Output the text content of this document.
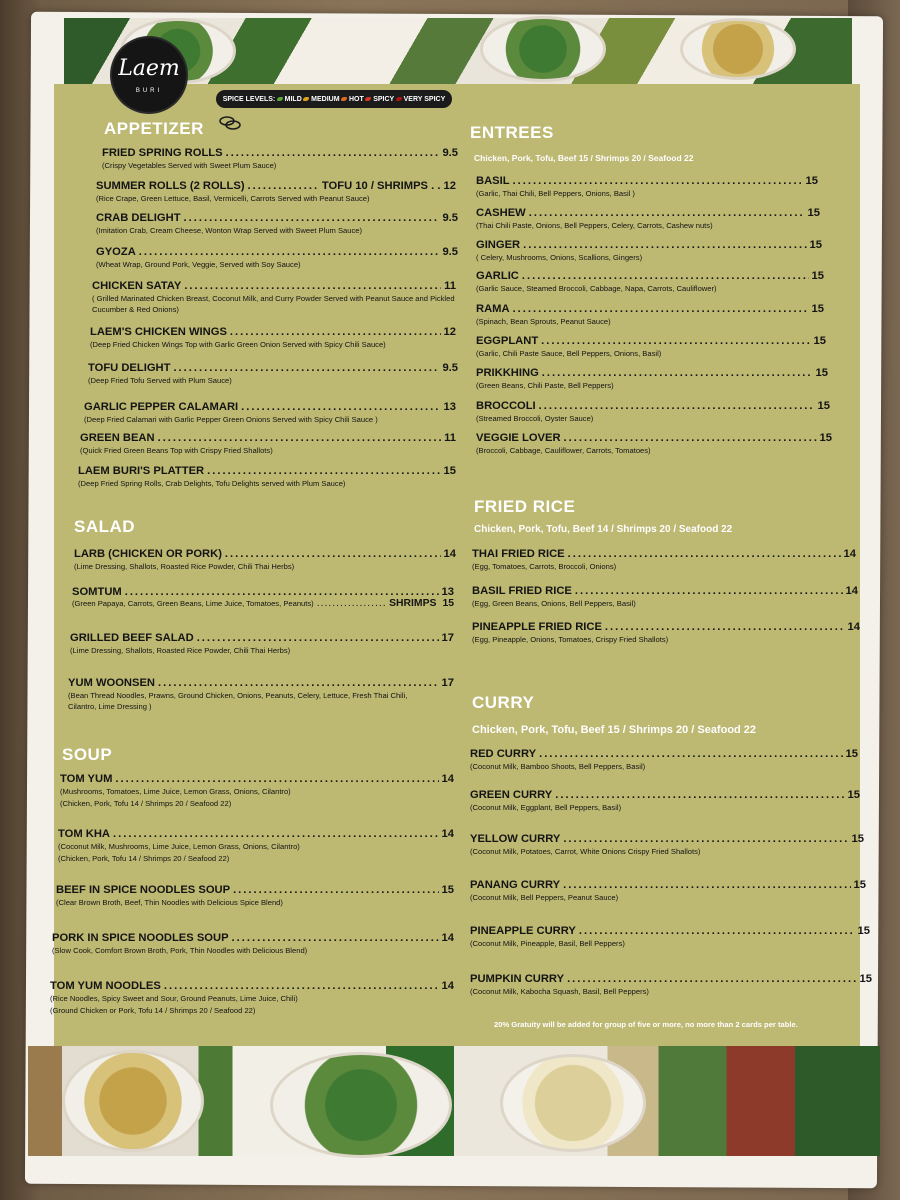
Laem
BURI
SPICE LEVELS: MILD MEDIUM HOT SPICY VERY SPICY
APPETIZER
FRIED SPRING ROLLS .....	9.5
(Crispy Vegetables Served with Sweet Plum Sauce)
SUMMER ROLLS (2 ROLLS) .....	TOFU 10 / SHRIMPS . . 12
(Rice Crape, Green Lettuce, Basil, Vermicelli, Carrots Served with Peanut Sauce)
CRAB DELIGHT .....	9.5
(Imitation Crab, Cream Cheese, Wonton Wrap Served with Sweet Plum Sauce)
GYOZA .....	9.5
(Wheat Wrap, Ground Pork, Veggie, Served with Soy Sauce)
CHICKEN SATAY .....	11
( Grilled Marinated Chicken Breast, Coconut Milk, and Curry Powder Served with Peanut Sauce and Pickled Cucumber & Red Onions)
LAEM'S CHICKEN WINGS .....	12
(Deep Fried Chicken Wings Top with Garlic Green Onion Served with Spicy Chili Sauce)
TOFU DELIGHT .....	9.5
(Deep Fried Tofu Served with Plum Sauce)
GARLIC PEPPER CALAMARI .....	13
(Deep Fried Calamari with Garlic Pepper Green Onions Served with Spicy Chili Sauce )
GREEN BEAN .....	11
(Quick Fried Green Beans Top with Crispy Fried Shallots)
LAEM BURI'S PLATTER .....	15
(Deep Fried Spring Rolls, Crab Delights, Tofu Delights served with Plum Sauce)
SALAD
LARB (CHICKEN OR PORK) .....	14
(Lime Dressing, Shallots, Roasted Rice Powder, Chili Thai Herbs)
SOMTUM .....	13
(Green Papaya, Carrots, Green Beans, Lime Juice, Tomatoes, Peanuts) .....	SHRIMPS 15
GRILLED BEEF SALAD .....	17
(Lime Dressing, Shallots, Roasted Rice Powder, Chili Thai Herbs)
YUM WOONSEN .....	17
(Bean Thread Noodles, Prawns, Ground Chicken, Onions, Peanuts, Celery, Lettuce, Fresh Thai Chili, Cilantro, Lime Dressing )
SOUP
TOM YUM .....	14
(Mushrooms, Tomatoes, Lime Juice, Lemon Grass, Onions, Cilantro)
(Chicken, Pork, Tofu 14 / Shrimps 20 / Seafood 22)
TOM KHA .....	14
(Coconut Milk, Mushrooms, Lime Juice, Lemon Grass, Onions, Cilantro)
(Chicken, Pork, Tofu 14 / Shrimps 20 / Seafood 22)
BEEF IN SPICE NOODLES SOUP .....	15
(Clear Brown Broth, Beef, Thin Noodles with Delicious Spice Blend)
PORK IN SPICE NOODLES SOUP .....	14
(Slow Cook, Comfort Brown Broth, Pork, Thin Noodles with Delicious Blend)
TOM YUM NOODLES .....	14
(Rice Noodles, Spicy Sweet and Sour, Ground Peanuts, Lime Juice, Chili)
(Ground Chicken or Pork, Tofu 14 / Shrimps 20 / Seafood 22)
ENTREES
Chicken, Pork, Tofu, Beef 15 / Shrimps 20 / Seafood 22
BASIL .....	15
(Garlic, Thai Chili, Bell Peppers, Onions, Basil )
CASHEW .....	15
(Thai Chili Paste, Onions, Bell Peppers, Celery, Carrots, Cashew nuts)
GINGER .....	15
( Celery, Mushrooms, Onions, Scallions, Gingers)
GARLIC .....	15
(Garlic Sauce, Steamed Broccoli, Cabbage, Napa, Carrots, Cauliflower)
RAMA .....	15
(Spinach, Bean Sprouts, Peanut Sauce)
EGGPLANT .....	15
(Garlic, Chili Paste Sauce, Bell Peppers, Onions, Basil)
PRIKKHING .....	15
(Green Beans, Chili Paste, Bell Peppers)
BROCCOLI .....	15
(Streamed Broccoli, Oyster Sauce)
VEGGIE LOVER .....	15
(Broccoli, Cabbage, Cauliflower, Carrots, Tomatoes)
FRIED RICE
Chicken, Pork, Tofu, Beef 14 / Shrimps 20 / Seafood 22
THAI FRIED RICE .....	14
(Egg, Tomatoes, Carrots, Broccoli, Onions)
BASIL FRIED RICE .....	14
(Egg, Green Beans, Onions, Bell Peppers, Basil)
PINEAPPLE FRIED RICE .....	14
(Egg, Pineapple, Onions, Tomatoes, Crispy Fried Shallots)
CURRY
Chicken, Pork, Tofu, Beef 15 / Shrimps 20 / Seafood 22
RED CURRY .....	15
(Coconut Milk, Bamboo Shoots, Bell Peppers, Basil)
GREEN CURRY .....	15
(Coconut Milk, Eggplant, Bell Peppers, Basil)
YELLOW CURRY .....	15
(Coconut Milk, Potatoes, Carrot, White Onions Crispy Fried Shallots)
PANANG CURRY .....	15
(Coconut Milk, Bell Peppers, Peanut Sauce)
PINEAPPLE CURRY .....	15
(Coconut Milk, Pineapple, Basil, Bell Peppers)
PUMPKIN CURRY .....	15
(Coconut Milk, Kabocha Squash, Basil, Bell Peppers)
20% Gratuity will be added for group of five or more, no more than 2 cards per table.
